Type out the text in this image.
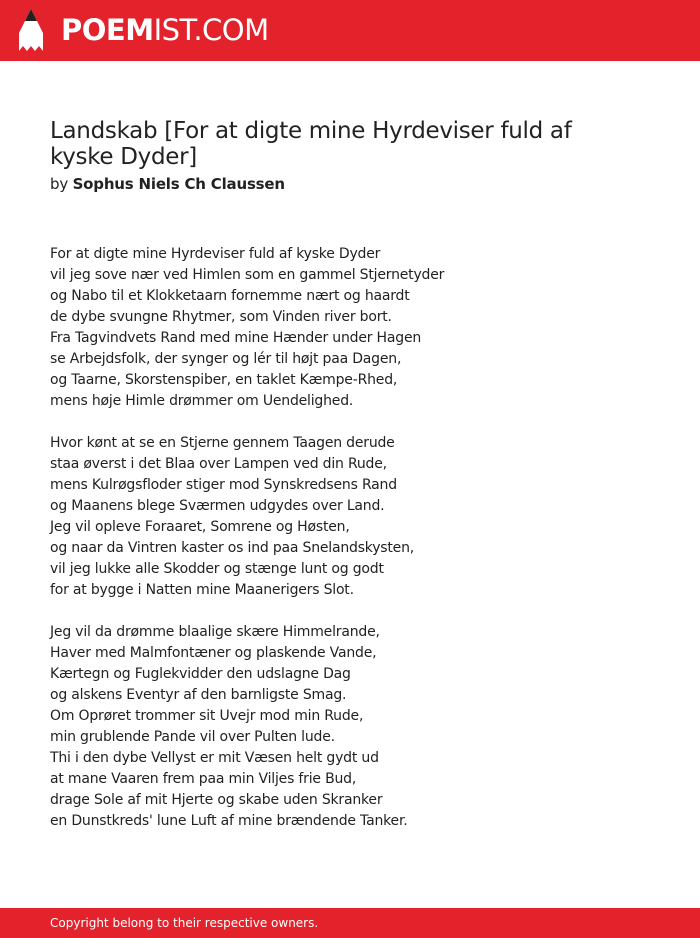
POEMIST.COM
Landskab [For at digte mine Hyrdeviser fuld af kyske Dyder]
by Sophus Niels Ch Claussen
For at digte mine Hyrdeviser fuld af kyske Dyder
vil jeg sove nær ved Himlen som en gammel Stjernetyder
og Nabo til et Klokketaarn fornemme nært og haardt
de dybe svungne Rhytmer, som Vinden river bort.
Fra Tagvindvets Rand med mine Hænder under Hagen
se Arbejdsfolk, der synger og lér til højt paa Dagen,
og Taarne, Skorstenspiber, en taklet Kæmpe-Rhed,
mens høje Himle drømmer om Uendelighed.
Hvor kønt at se en Stjerne gennem Taagen derude
staa øverst i det Blaa over Lampen ved din Rude,
mens Kulrøgsfloder stiger mod Synskredsens Rand
og Maanens blege Sværmen udgydes over Land.
Jeg vil opleve Foraaret, Somrene og Høsten,
og naar da Vintren kaster os ind paa Snelandskysten,
vil jeg lukke alle Skodder og stænge lunt og godt
for at bygge i Natten mine Maanerigers Slot.
Jeg vil da drømme blaalige skære Himmelrande,
Haver med Malmfontæner og plaskende Vande,
Kærtegn og Fuglekvidder den udslagne Dag
og alskens Eventyr af den barnligste Smag.
Om Oprøret trommer sit Uvejr mod min Rude,
min grublende Pande vil over Pulten lude.
Thi i den dybe Vellyst er mit Væsen helt gydt ud
at mane Vaaren frem paa min Viljes frie Bud,
drage Sole af mit Hjerte og skabe uden Skranker
en Dunstkreds' lune Luft af mine brændende Tanker.
Copyright belong to their respective owners.
